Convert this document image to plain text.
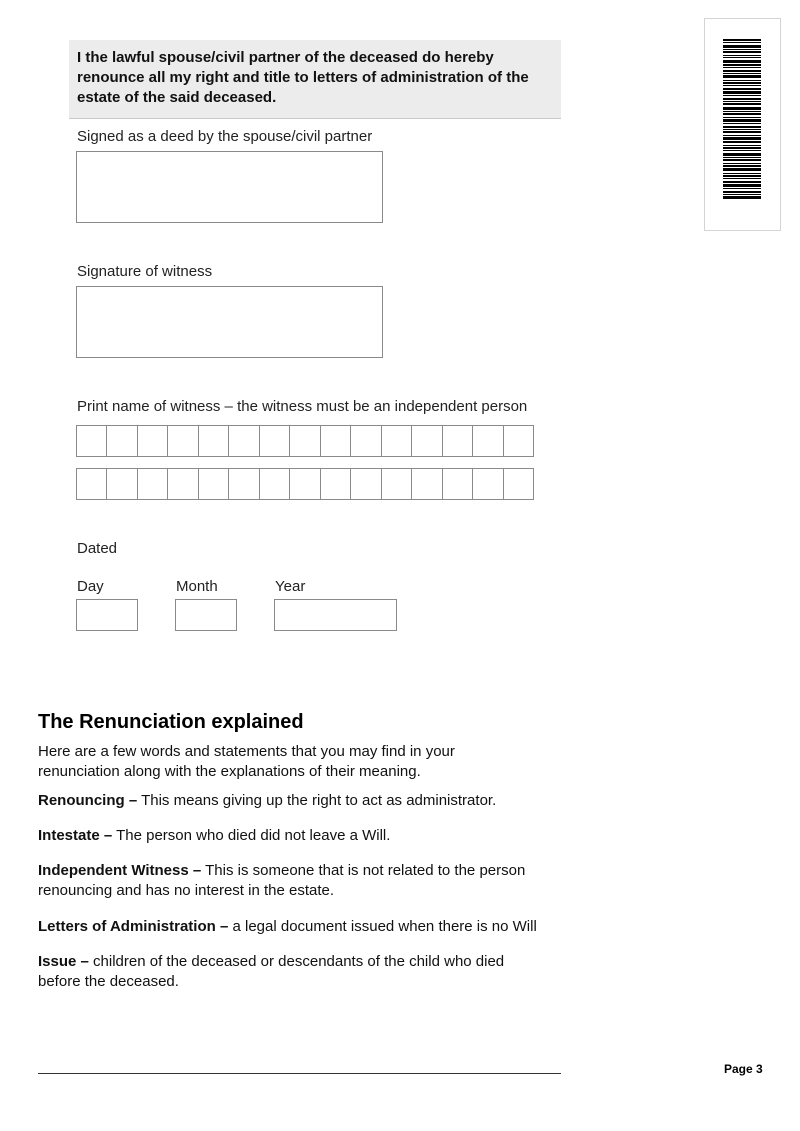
I the lawful spouse/civil partner of the deceased do hereby renounce all my right and title to letters of administration of the estate of the said deceased.
Signed as a deed by the spouse/civil partner
Signature of witness
Print name of witness – the witness must be an independent person
Dated
Day	Month	Year
The Renunciation explained
Here are a few words and statements that you may find in your renunciation along with the explanations of their meaning.
Renouncing – This means giving up the right to act as administrator.
Intestate – The person who died did not leave a Will.
Independent Witness – This is someone that is not related to the person renouncing and has no interest in the estate.
Letters of Administration – a legal document issued when there is no Will
Issue – children of the deceased or descendants of the child who died before the deceased.
Page 3
